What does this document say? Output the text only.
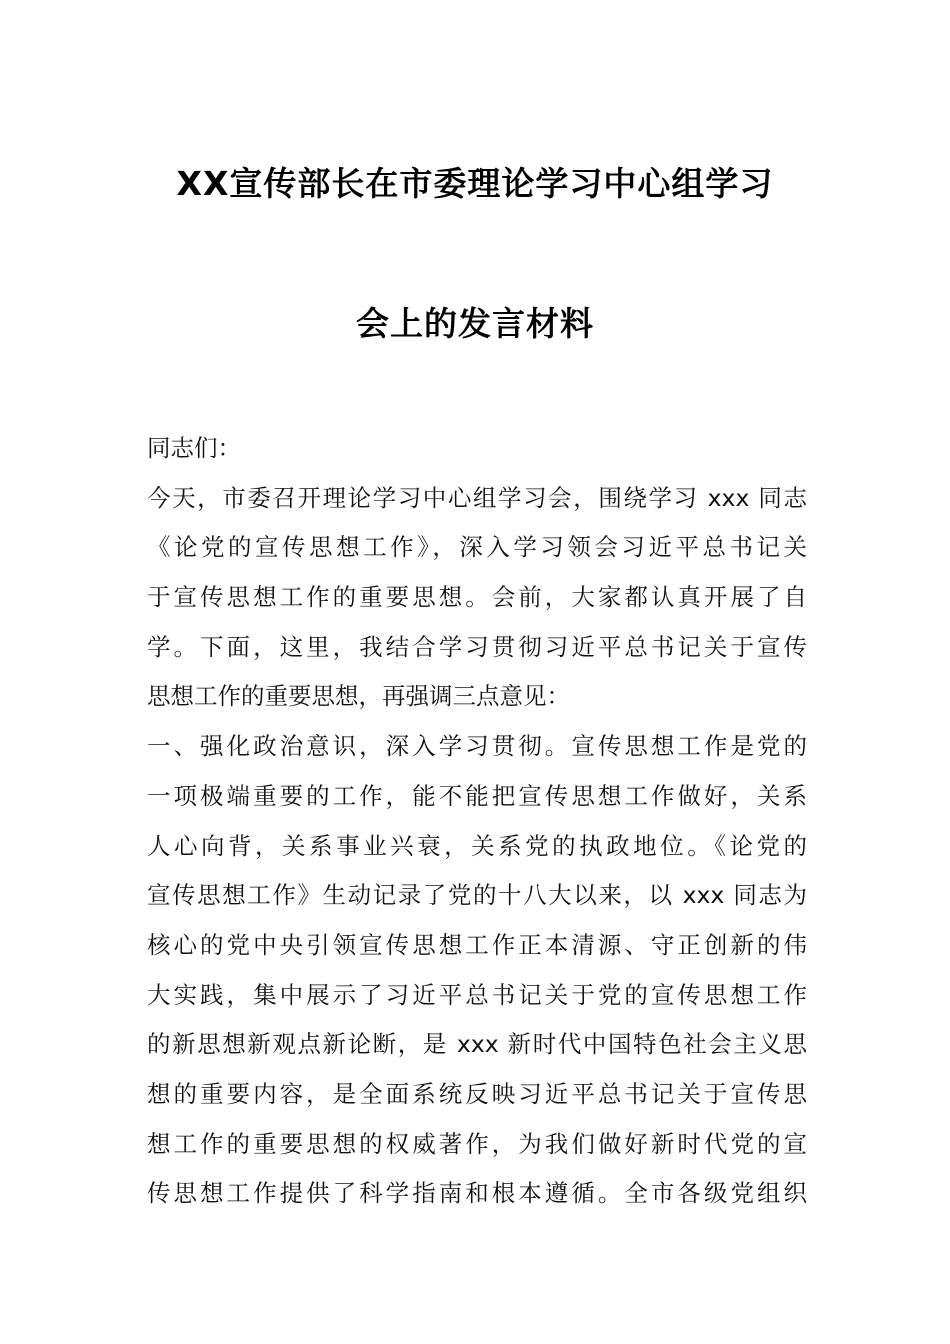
XX宣传部长在市委理论学习中心组学习
会上的发言材料
同志们：
今天，市委召开理论学习中心组学习会，围绕学习 xxx 同志
《论党的宣传思想工作》，深入学习领会习近平总书记关
于宣传思想工作的重要思想。会前，大家都认真开展了自
学。下面，这里，我结合学习贯彻习近平总书记关于宣传
思想工作的重要思想，再强调三点意见：
一、强化政治意识，深入学习贯彻。宣传思想工作是党的
一项极端重要的工作，能不能把宣传思想工作做好，关系
人心向背，关系事业兴衰，关系党的执政地位。《论党的
宣传思想工作》生动记录了党的十八大以来，以 xxx 同志为
核心的党中央引领宣传思想工作正本清源、守正创新的伟
大实践，集中展示了习近平总书记关于党的宣传思想工作
的新思想新观点新论断，是 xxx 新时代中国特色社会主义思
想的重要内容，是全面系统反映习近平总书记关于宣传思
想工作的重要思想的权威著作，为我们做好新时代党的宣
传思想工作提供了科学指南和根本遵循。全市各级党组织
